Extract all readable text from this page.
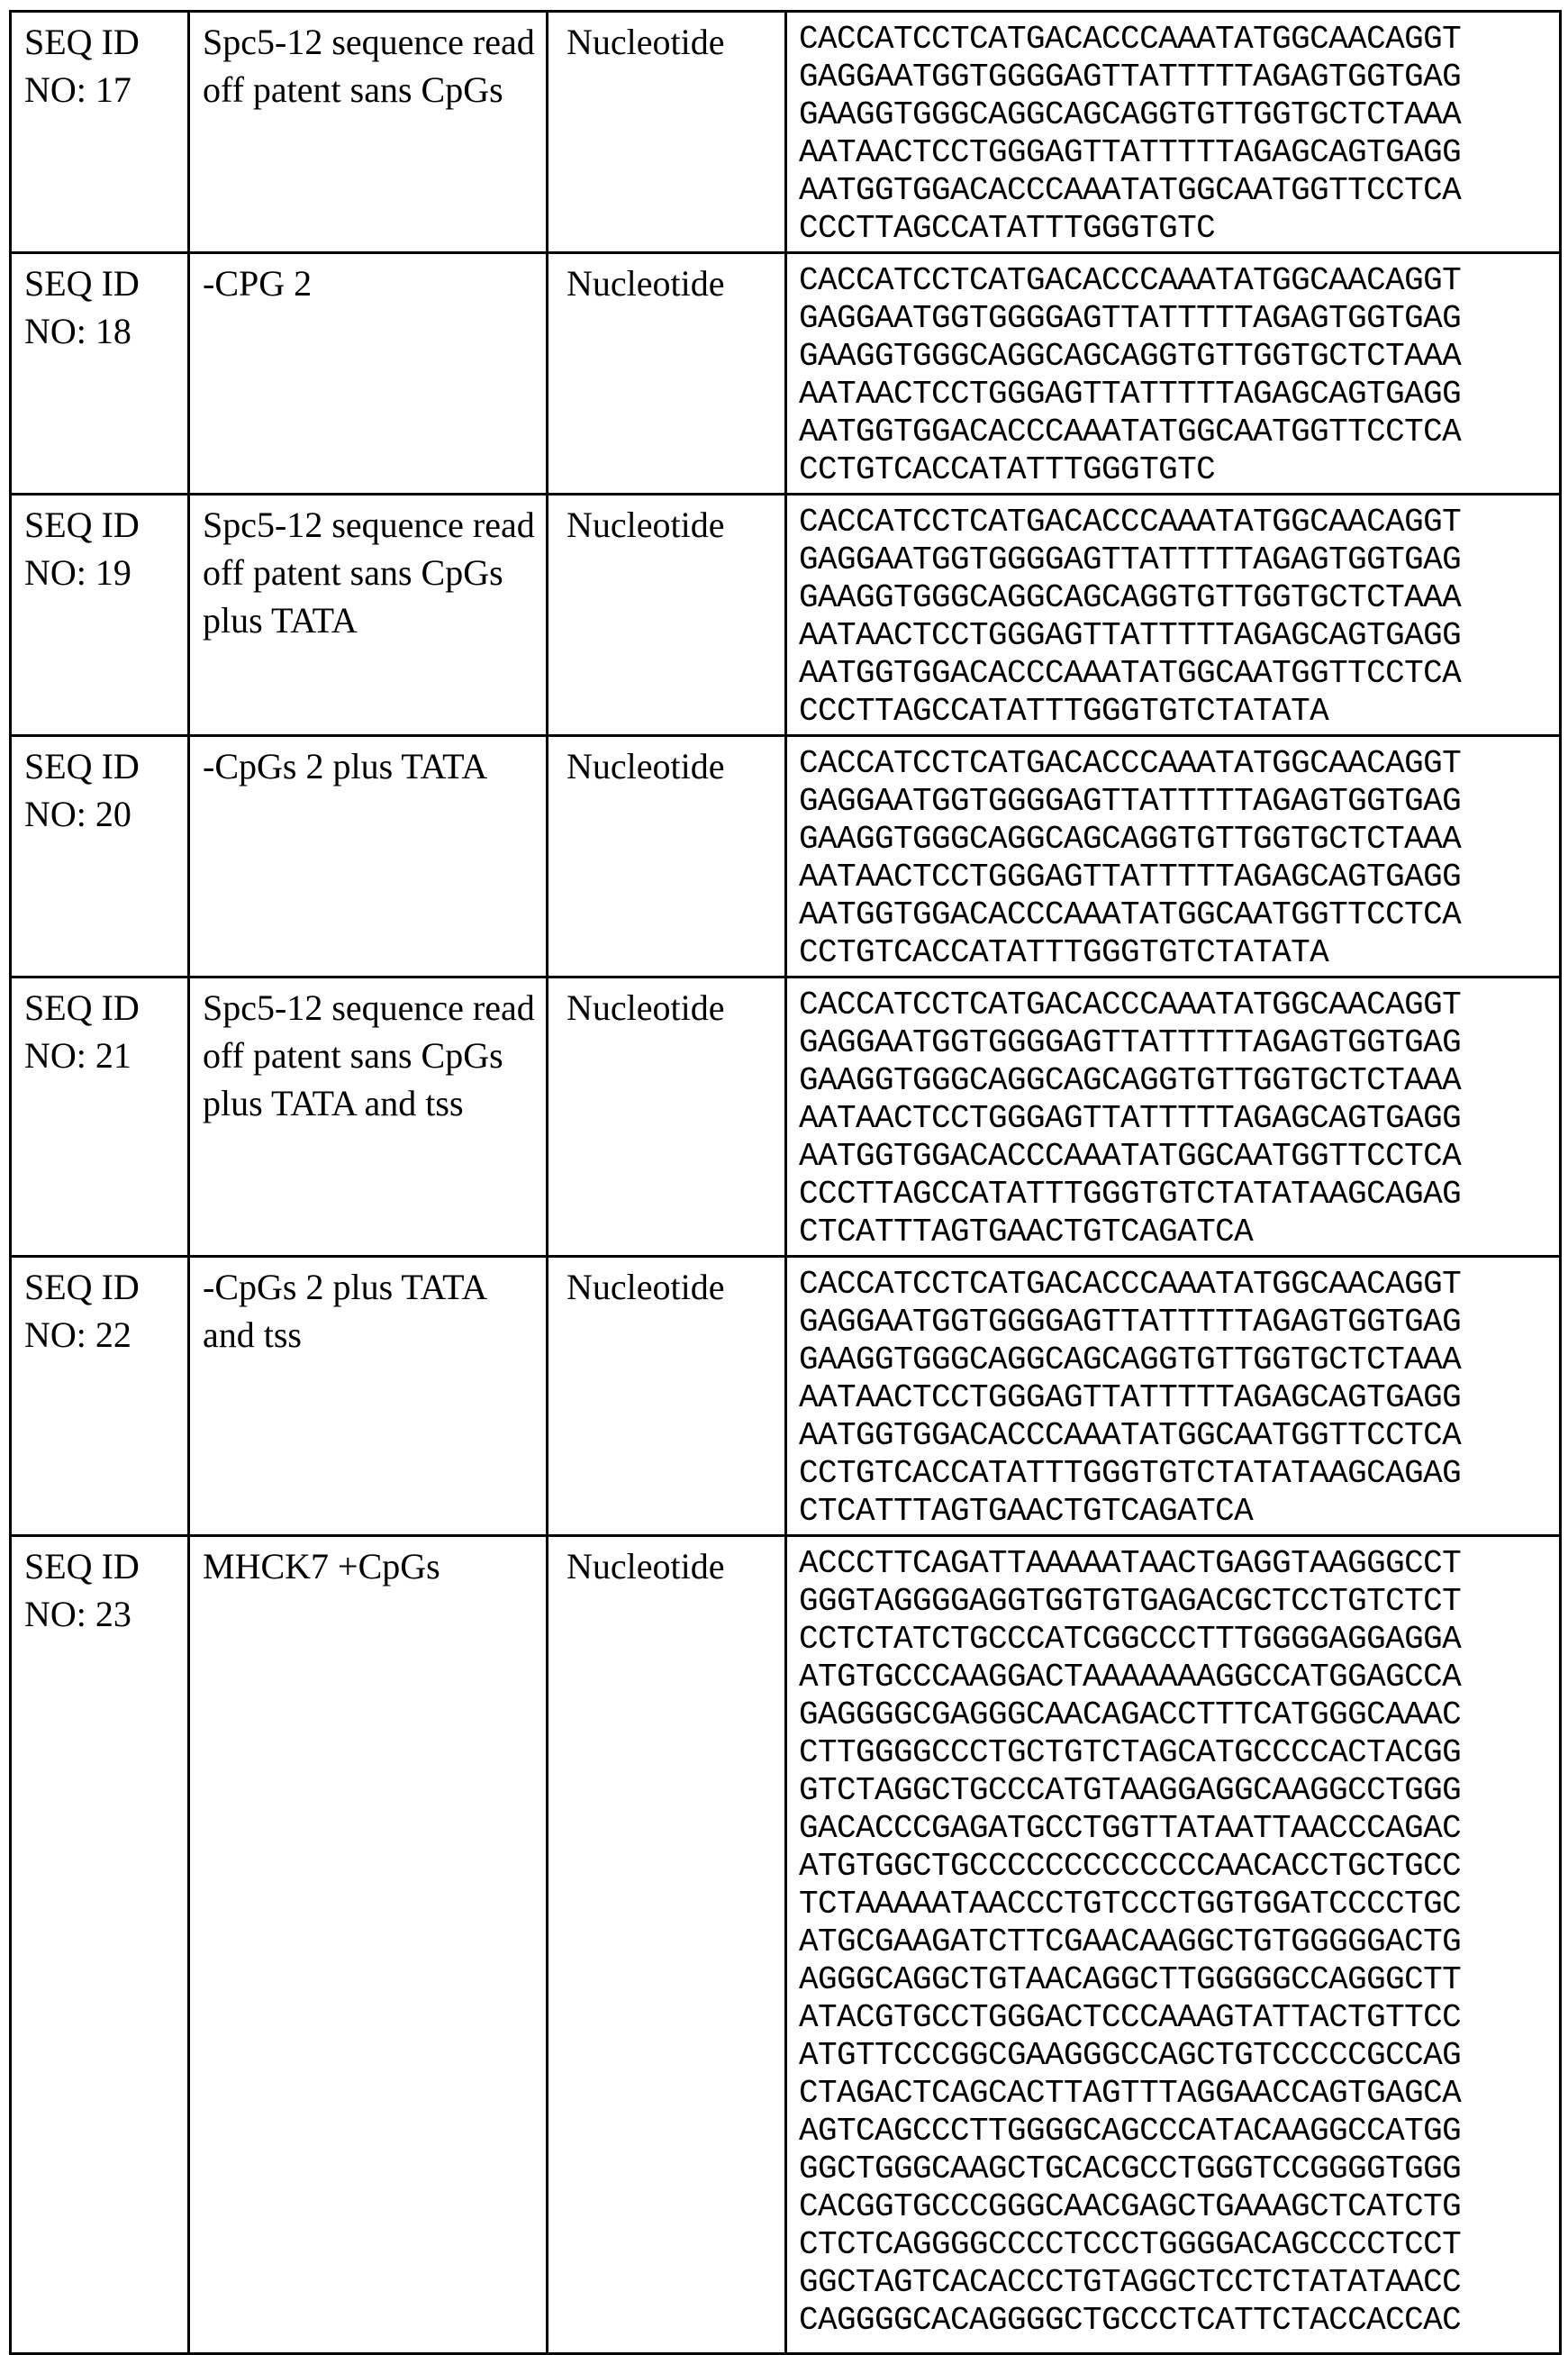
SEQ ID NO: 17

Spc5-12 sequence read off patent sans CpGs

Nucleotide	CACCATCCTCATGACACCCAAATATGGCAACAGGT
GAGGAATGGTGGGGAGTTATTTTTAGAGTGGTGAG
GAAGGTGGGCAGGCAGCAGGTGTTGGTGCTCTAAA
AATAACTCCTGGGAGTTATTTTTAGAGCAGTGAGG
AATGGTGGACACCCAAATATGGCAATGGTTCCTCA
CCCTTAGCCATATTTGGGTGTC

SEQ ID NO: 18

-CPG 2	Nucleotide	CACCATCCTCATGACACCCAAATATGGCAACAGGT
GAGGAATGGTGGGGAGTTATTTTTAGAGTGGTGAG
GAAGGTGGGCAGGCAGCAGGTGTTGGTGCTCTAAA
AATAACTCCTGGGAGTTATTTTTAGAGCAGTGAGG
AATGGTGGACACCCAAATATGGCAATGGTTCCTCA
CCTGTCACCATATTTGGGTGTC

SEQ ID NO: 19

Spc5-12 sequence read off patent sans CpGs plus TATA

Nucleotide	CACCATCCTCATGACACCCAAATATGGCAACAGGT
GAGGAATGGTGGGGAGTTATTTTTAGAGTGGTGAG
GAAGGTGGGCAGGCAGCAGGTGTTGGTGCTCTAAA
AATAACTCCTGGGAGTTATTTTTAGAGCAGTGAGG
AATGGTGGACACCCAAATATGGCAATGGTTCCTCA
CCCTTAGCCATATTTGGGTGTCTATATA

SEQ ID NO: 20

-CpGs 2 plus TATA	Nucleotide	CACCATCCTCATGACACCCAAATATGGCAACAGGT
GAGGAATGGTGGGGAGTTATTTTTAGAGTGGTGAG
GAAGGTGGGCAGGCAGCAGGTGTTGGTGCTCTAAA
AATAACTCCTGGGAGTTATTTTTAGAGCAGTGAGG
AATGGTGGACACCCAAATATGGCAATGGTTCCTCA
CCTGTCACCATATTTGGGTGTCTATATA

SEQ ID NO: 21

Spc5-12 sequence read off patent sans CpGs plus TATA and tss

Nucleotide	CACCATCCTCATGACACCCAAATATGGCAACAGGT
GAGGAATGGTGGGGAGTTATTTTTAGAGTGGTGAG
GAAGGTGGGCAGGCAGCAGGTGTTGGTGCTCTAAA
AATAACTCCTGGGAGTTATTTTTAGAGCAGTGAGG
AATGGTGGACACCCAAATATGGCAATGGTTCCTCA
CCCTTAGCCATATTTGGGTGTCTATATAAGCAGAG
CTCATTTAGTGAACTGTCAGATCA

SEQ ID NO: 22

-CpGs 2 plus TATA and tss

Nucleotide	CACCATCCTCATGACACCCAAATATGGCAACAGGT
GAGGAATGGTGGGGAGTTATTTTTAGAGTGGTGAG
GAAGGTGGGCAGGCAGCAGGTGTTGGTGCTCTAAA
AATAACTCCTGGGAGTTATTTTTAGAGCAGTGAGG
AATGGTGGACACCCAAATATGGCAATGGTTCCTCA
CCTGTCACCATATTTGGGTGTCTATATAAGCAGAG
CTCATTTAGTGAACTGTCAGATCA

SEQ ID NO: 23

MHCK7 +CpGs	Nucleotide	ACCCTTCAGATTAAAAATAACTGAGGTAAGGGCCT
GGGTAGGGGAGGTGGTGTGAGACGCTCCTGTCTCT
CCTCTATCTGCCCATCGGCCCTTTGGGGAGGAGGA
ATGTGCCCAAGGACTAAAAAAAGGCCATGGAGCCA
GAGGGGCGAGGGCAACAGACCTTTCATGGGCAAAC
CTTGGGGCCCTGCTGTCTAGCATGCCCCACTACGG
GTCTAGGCTGCCCATGTAAGGAGGCAAGGCCTGGG
GACACCCGAGATGCCTGGTTATAATTAACCCAGAC
ATGTGGCTGCCCCCCCCCCCCCAACACCTGCTGCC
TCTAAAAATAACCCTGTCCCTGGTGGATCCCCTGC
ATGCGAAGATCTTCGAACAAGGCTGTGGGGGACTG
AGGGCAGGCTGTAACAGGCTTGGGGGCCAGGGCTT
ATACGTGCCTGGGACTCCCAAAGTATTACTGTTCC
ATGTTCCCGGCGAAGGGCCAGCTGTCCCCCGCCAG
CTAGACTCAGCACTTAGTTTAGGAACCAGTGAGCA
AGTCAGCCCTTGGGGCAGCCCATACAAGGCCATGG
GGCTGGGCAAGCTGCACGCCTGGGTCCGGGGTGGG
CACGGTGCCCGGGCAACGAGCTGAAAGCTCATCTG
CTCTCAGGGGCCCCTCCCTGGGGACAGCCCCTCCT
GGCTAGTCACACCCTGTAGGCTCCTCTATATAACC
CAGGGGCACAGGGGCTGCCCTCATTCTACCACCAC
